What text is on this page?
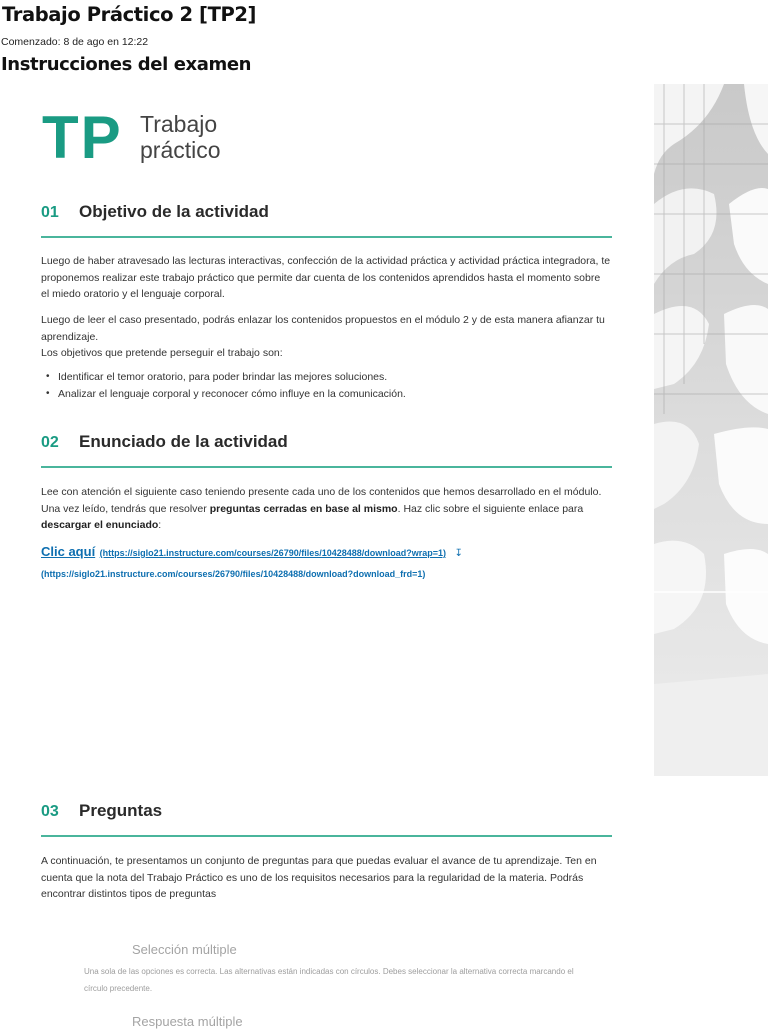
Trabajo Práctico 2 [TP2]
Comenzado: 8 de ago en 12:22
Instrucciones del examen
TP Trabajo
práctico
01 Objetivo de la actividad

Luego de haber atravesado las lecturas interactivas, confección de la actividad práctica y actividad práctica integradora, te proponemos realizar este trabajo práctico que permite dar cuenta de los contenidos aprendidos hasta el momento sobre el miedo oratorio y el lenguaje corporal.

Luego de leer el caso presentado, podrás enlazar los contenidos propuestos en el módulo 2 y de esta manera afianzar tu aprendizaje.

Los objetivos que pretende perseguir el trabajo son:

• Identificar el temor oratorio, para poder brindar las mejores soluciones.
• Analizar el lenguaje corporal y reconocer cómo influye en la comunicación.
02 Enunciado de la actividad

Lee con atención el siguiente caso teniendo presente cada uno de los contenidos que hemos desarrollado en el módulo. Una vez leído, tendrás que resolver preguntas cerradas en base al mismo. Haz clic sobre el siguiente enlace para descargar el enunciado:

Clic aquí (https://siglo21.instructure.com/courses/26790/files/10428488/download?wrap=1) ↧
(https://siglo21.instructure.com/courses/26790/files/10428488/download?download_frd=1)
03 Preguntas

A continuación, te presentamos un conjunto de preguntas para que puedas evaluar el avance de tu aprendizaje. Ten en cuenta que la nota del Trabajo Práctico es uno de los requisitos necesarios para la regularidad de la materia. Podrás encontrar distintos tipos de preguntas

Selección múltiple

Una sola de las opciones es correcta. Las alternativas están indicadas con círculos. Debes seleccionar la alternativa correcta marcando el círculo precedente.

Respuesta múltiple
